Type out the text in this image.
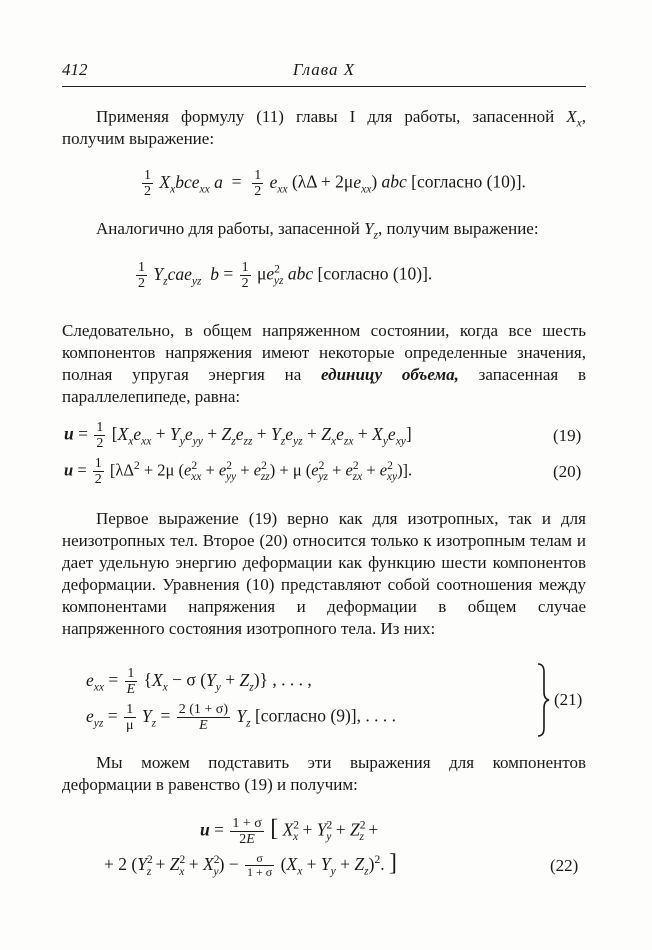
412	Глава X
Применяя формулу (11) главы I для работы, запасенной $X_x$, получим выражение:
$\frac{1}{2} X_xbce_{xx}$ $a = \frac{1}{2} e_{xx}$ $(\lambda\Delta + 2\mu e_{xx})$ abc [согласно (10)].
Аналогично для работы, запасенной $Y_z$, получим выражение:
$\frac{1}{2} Y_zcae_{yz}$  $b = \frac{1}{2} \mu e^2_{yz}$ abc [согласно (10)].
Следовательно, в общем напряженном состоянии, когда все шесть компонентов напряжения имеют некоторые определенные значения, полная упругая энергия на единицу объема, запасенная в параллелепипеде, равна:
$u = \frac{1}{2} [X_xe_{xx} + Y_ye_{yy} + Z_ze_{zz} + Y_ze_{yz} + Z_xe_{zx} + X_ye_{xy}]$	(19)
$u = \frac{1}{2} [\lambda\Delta^2 + 2\mu$ $(e^2_{xx} + e^2_{yy} + e^2_{zz}) + \mu$ $(e^2_{yz} + e^2_{zx} + e^2_{xy})$].	(20)
Первое выражение (19) верно как для изотропных, так и для неизотропных тел. Второе (20) относится только к изотропным телам и дает удельную энергию деформации как функцию шести компонентов деформации. Уравнения (10) представляют собой соотношения между компонентами напряжения и деформации в общем случае напряженного состояния изотропного тела. Из них:
$e_{xx} = \frac{1}{E} \{X_x - \sigma$ $(Y_y + Z_z)$} , . . . ,
$e_{yz} = \frac{1}{\mu} Y_z = \frac{2 (1 + \sigma)}{E} Y_z$ [согласно (9)], . . . .
(21)
Мы можем подставить эти выражения для компонентов деформации в равенство (19) и получим:
$u = \frac{1 + \sigma}{2E}$ [ $X^2_x + Y^2_y + Z^2_z$ +
+ 2 $(Y^2_z + Z^2_x + X^2_y) - \frac{\sigma}{1 + \sigma} (X_x + Y_y + Z_z)^2$. ]	(22)
